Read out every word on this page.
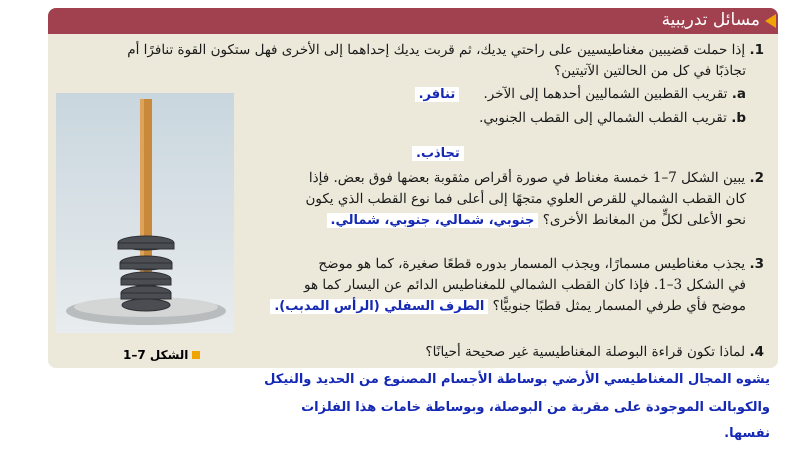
مسائل تدريبية
1. إذا حملت قضيبين مغناطيسيين على راحتي يديك، ثم قربت يديك إحداهما إلى الأخرى فهل ستكون القوة تنافرًا أم
تجاذبًا في كل من الحالتين الآتيتين؟
a. تقريب القطبين الشماليين أحدهما إلى الآخر. تنافر.
b. تقريب القطب الشمالي إلى القطب الجنوبي.
تجاذب.
2. يبين الشكل 7–1 خمسة مغناط في صورة أقراص مثقوبة بعضها فوق بعض. فإذا
كان القطب الشمالي للقرص العلوي متجهًا إلى أعلى فما نوع القطب الذي يكون
نحو الأعلى لكلٍّ من المغانط الأخرى؟ جنوبي، شمالي، جنوبي، شمالي.
3. يجذب مغناطيس مسمارًا، ويجذب المسمار بدوره قطعًا صغيرة، كما هو موضح
في الشكل 3–1. فإذا كان القطب الشمالي للمغناطيس الدائم عن اليسار كما هو
موضح فأي طرفي المسمار يمثل قطبًا جنوبيًّا؟ الطرف السفلي (الرأس المدبب).
4. لماذا تكون قراءة البوصلة المغناطيسية غير صحيحة أحيانًا؟
الشكل 7–1
يشوه المجال المغناطيسي الأرضي بوساطة الأجسام المصنوع من الحديد والنيكل
والكوبالت الموجودة على مقربة من البوصلة، وبوساطة خامات هذا الفلزات
نفسها.
